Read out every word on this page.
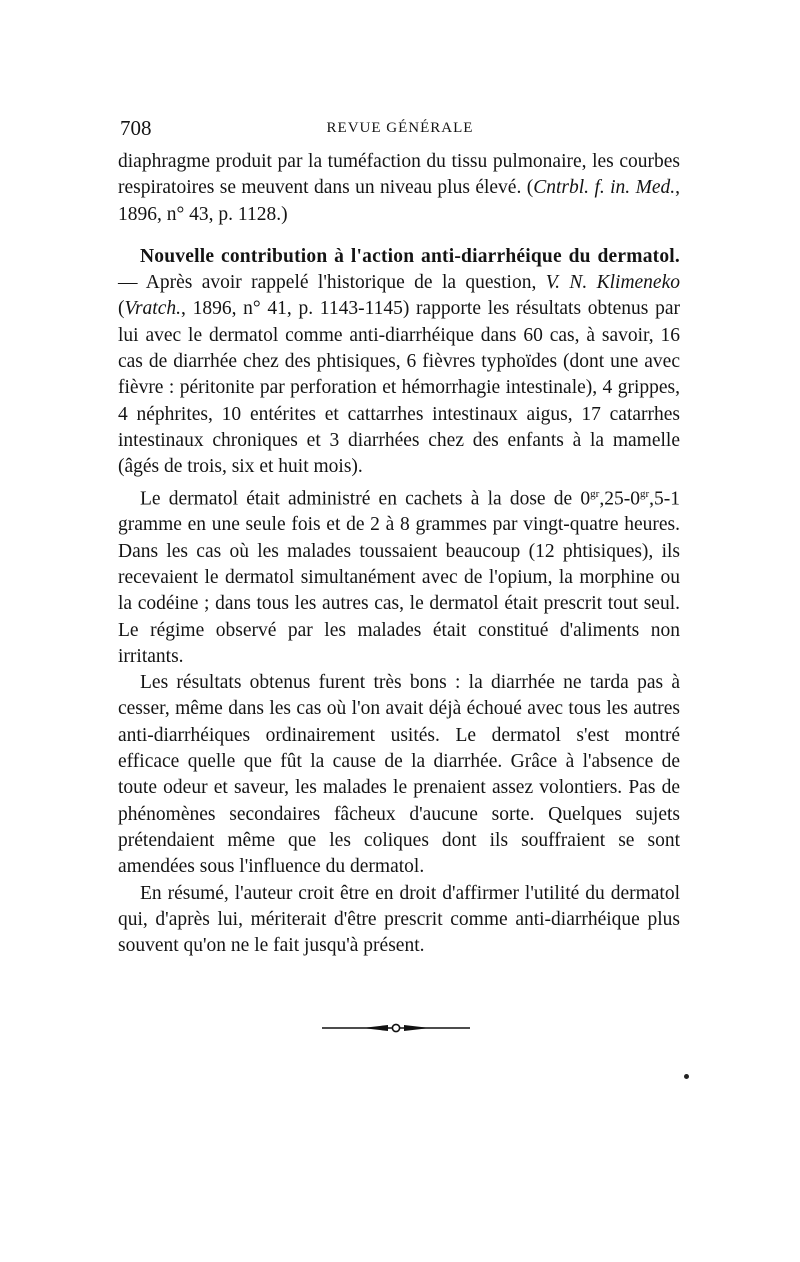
708	REVUE GÉNÉRALE

diaphragme produit par la tuméfaction du tissu pulmonaire, les courbes respiratoires se meuvent dans un niveau plus élevé. (Cntrbl. f. in. Med., 1896, n° 43, p. 1128.)

Nouvelle contribution à l'action anti-diarrhéique du dermatol. — Après avoir rappelé l'historique de la question, V. N. Klimeneko (Vratch., 1896, n° 41, p. 1143-1145) rapporte les résultats obtenus par lui avec le dermatol comme anti-diarrhéique dans 60 cas, à savoir, 16 cas de diarrhée chez des phtisiques, 6 fièvres typhoïdes (dont une avec fièvre : péritonite par perforation et hémorrhagie intestinale), 4 grippes, 4 néphrites, 10 entérites et cattarrhes intestinaux aigus, 17 catarrhes intestinaux chroniques et 3 diarrhées chez des enfants à la mamelle (âgés de trois, six et huit mois).

Le dermatol était administré en cachets à la dose de $0^{gr},25-0^{gr},5-1$ gramme en une seule fois et de 2 à 8 grammes par vingt-quatre heures. Dans les cas où les malades toussaient beaucoup (12 phtisiques), ils recevaient le dermatol simultanément avec de l'opium, la morphine ou la codéine ; dans tous les autres cas, le dermatol était prescrit tout seul. Le régime observé par les malades était constitué d'aliments non irritants.

Les résultats obtenus furent très bons : la diarrhée ne tarda pas à cesser, même dans les cas où l'on avait déjà échoué avec tous les autres anti-diarrhéiques ordinairement usités. Le dermatol s'est montré efficace quelle que fût la cause de la diarrhée. Grâce à l'absence de toute odeur et saveur, les malades le prenaient assez volontiers. Pas de phénomènes secondaires fâcheux d'aucune sorte. Quelques sujets prétendaient même que les coliques dont ils souffraient se sont amendées sous l'influence du dermatol.

En résumé, l'auteur croit être en droit d'affirmer l'utilité du dermatol qui, d'après lui, mériterait d'être prescrit comme anti-diarrhéique plus souvent qu'on ne le fait jusqu'à présent.
